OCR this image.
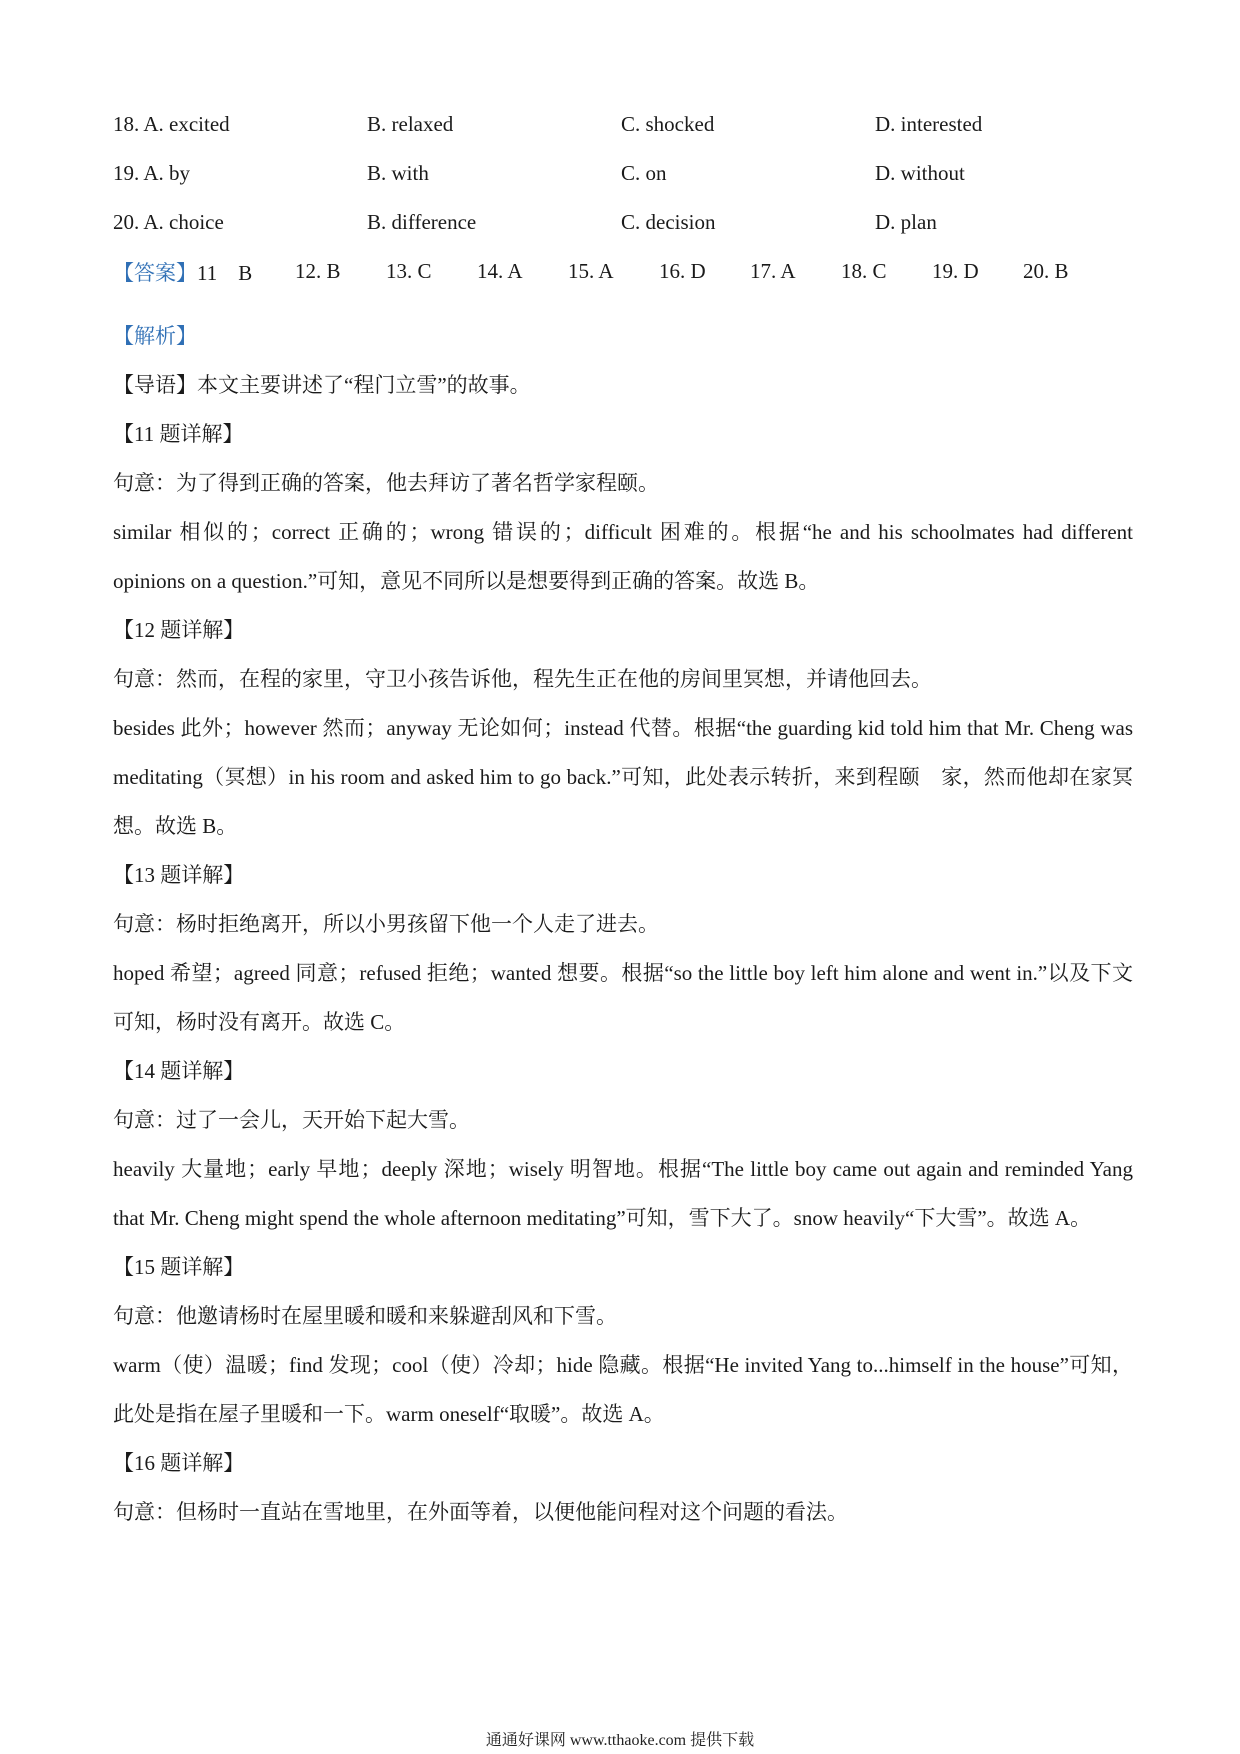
18. A. excited	B. relaxed	C. shocked	D. interested
19. A. by	B. with	C. on	D. without
20. A. choice	B. difference	C. decision	D. plan
【答案】 11　B	12. B	13. C	14. A	15. A	16. D	17. A	18. C	19. D	20. B
【解析】
【导语】本文主要讲述了“程门立雪”的故事。
【11 题详解】
句意：为了得到正确的答案，他去拜访了著名哲学家程颐。
similar 相似的；correct 正确的；wrong 错误的；difficult 困难的。根据“he and his schoolmates had different opinions on a question.”可知，意见不同所以是想要得到正确的答案。故选 B。
【12 题详解】
句意：然而，在程的家里，守卫小孩告诉他，程先生正在他的房间里冥想，并请他回去。
besides 此外；however 然而；anyway 无论如何；instead 代替。根据“the guarding kid told him that Mr. Cheng was meditating（冥想）in his room and asked him to go back.”可知，此处表示转折，来到程颐　家，然而他却在家冥想。故选 B。
【13 题详解】
句意：杨时拒绝离开，所以小男孩留下他一个人走了进去。
hoped 希望；agreed 同意；refused 拒绝；wanted 想要。根据“so the little boy left him alone and went in.”以及下文可知，杨时没有离开。故选 C。
【14 题详解】
句意：过了一会儿，天开始下起大雪。
heavily 大量地；early 早地；deeply 深地；wisely 明智地。根据“The little boy came out again and reminded Yang that Mr. Cheng might spend the whole afternoon meditating”可知，雪下大了。snow heavily“下大雪”。故选 A。
【15 题详解】
句意：他邀请杨时在屋里暖和暖和来躲避刮风和下雪。
warm（使）温暖；find 发现；cool（使）冷却；hide 隐藏。根据“He invited Yang to...himself in the house”可知，此处是指在屋子里暖和一下。warm oneself“取暖”。故选 A。
【16 题详解】
句意：但杨时一直站在雪地里，在外面等着，以便他能问程对这个问题的看法。
通通好课网 www.tthaoke.com 提供下载
